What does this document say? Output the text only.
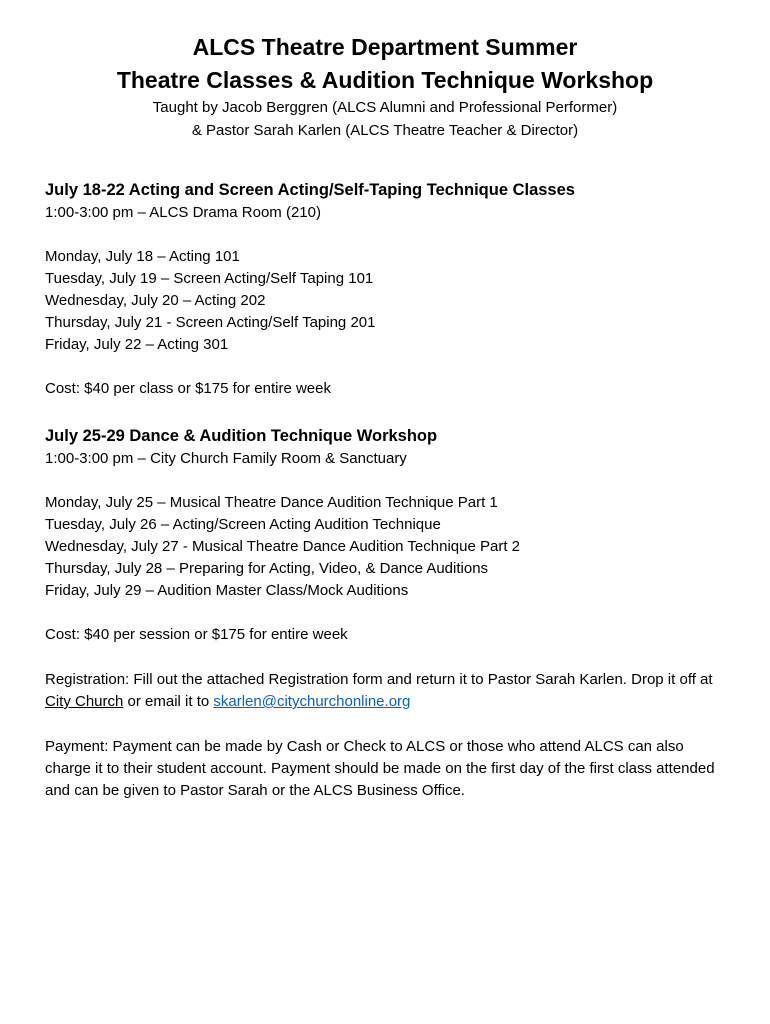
ALCS Theatre Department Summer
Theatre Classes & Audition Technique Workshop
Taught by Jacob Berggren (ALCS Alumni and Professional Performer)
& Pastor Sarah Karlen (ALCS Theatre Teacher & Director)

July 18-22 Acting and Screen Acting/Self-Taping Technique Classes

1:00-3:00 pm – ALCS Drama Room (210)

Monday, July 18 – Acting 101

Tuesday, July 19 – Screen Acting/Self Taping 101

Wednesday, July 20 – Acting 202

Thursday, July 21 - Screen Acting/Self Taping 201

Friday, July 22 – Acting 301

Cost: $40 per class or $175 for entire week

July 25-29 Dance & Audition Technique Workshop

1:00-3:00 pm – City Church Family Room & Sanctuary

Monday, July 25 – Musical Theatre Dance Audition Technique Part 1

Tuesday, July 26 – Acting/Screen Acting Audition Technique

Wednesday, July 27 - Musical Theatre Dance Audition Technique Part 2

Thursday, July 28 – Preparing for Acting, Video, & Dance Auditions

Friday, July 29 – Audition Master Class/Mock Auditions

Cost: $40 per session or $175 for entire week

Registration: Fill out the attached Registration form and return it to Pastor Sarah Karlen. Drop it off at City Church or email it to skarlen@citychurchonline.org

Payment: Payment can be made by Cash or Check to ALCS or those who attend ALCS can also charge it to their student account. Payment should be made on the first day of the first class attended and can be given to Pastor Sarah or the ALCS Business Office.
